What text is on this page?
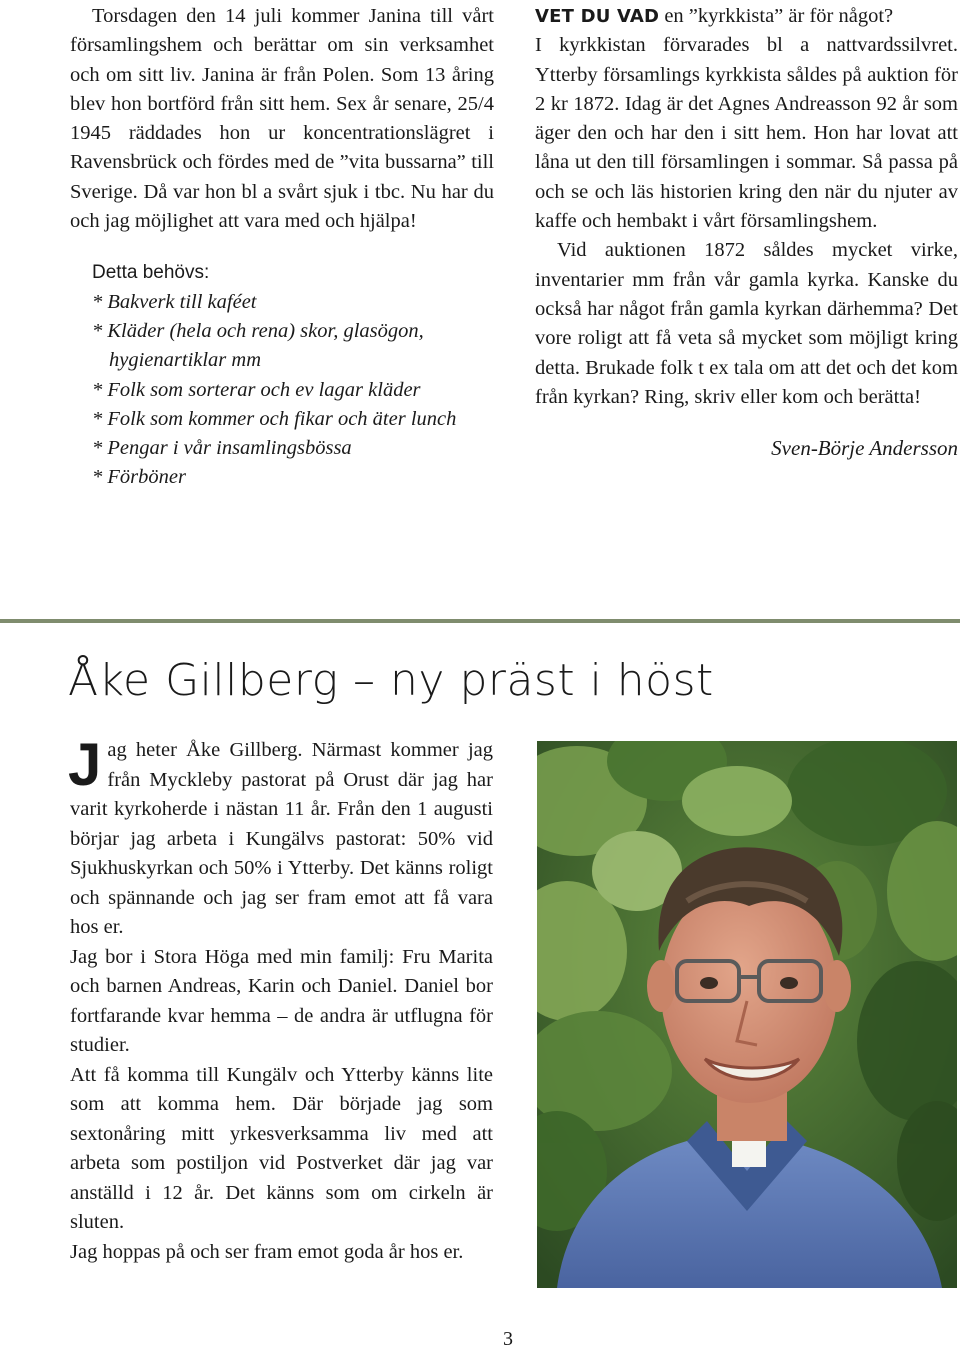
Torsdagen den 14 juli kommer Janina till vårt församlingshem och berättar om sin verksamhet och om sitt liv. Janina är från Polen. Som 13 åring blev hon bortförd från sitt hem. Sex år senare, 25/4 1945 räddades hon ur koncentrationslägret i Ravensbrück och fördes med de ”vita bussarna” till Sverige. Då var hon bl a svårt sjuk i tbc. Nu har du och jag möjlighet att vara med och hjälpa!

Detta behövs:
* Bakverk till kaféet
* Kläder (hela och rena) skor, glasögon, hygienartiklar mm
* Folk som sorterar och ev lagar kläder
* Folk som kommer och fikar och äter lunch
* Pengar i vår insamlingsbössa
* Förböner

VET DU VAD en ”kyrkkista” är för något?

I kyrkkistan förvarades bl a nattvardssilvret. Ytterby församlings kyrkkista såldes på auktion för 2 kr 1872. Idag är det Agnes Andreasson 92 år som äger den och har den i sitt hem. Hon har lovat att låna ut den till församlingen i sommar. Så passa på och se och läs historien kring den när du njuter av kaffe och hembakt i vårt församlingshem.

Vid auktionen 1872 såldes mycket virke, inventarier mm från vår gamla kyrka. Kanske du också har något från gamla kyrkan därhemma? Det vore roligt att få veta så mycket som möjligt kring detta. Brukade folk t ex tala om att det och det kom från kyrkan? Ring, skriv eller kom och berätta!

Sven-Börje Andersson

Åke Gillberg – ny präst i höst

Jag heter Åke Gillberg. Närmast kommer jag från Myckleby pastorat på Orust där jag har varit kyrkoherde i nästan 11 år. Från den 1 augusti börjar jag arbeta i Kungälvs pastorat: 50% vid Sjukhuskyrkan och 50% i Ytterby. Det känns roligt och spännande och jag ser fram emot att få vara hos er.

Jag bor i Stora Höga med min familj: Fru Marita och barnen Andreas, Karin och Daniel. Daniel bor fortfarande kvar hemma – de andra är utflugna för studier.

Att få komma till Kungälv och Ytterby känns lite som att komma hem. Där började jag som sextonåring mitt yrkesverksamma liv med att arbeta som postiljon vid Postverket där jag var anställd i 12 år. Det känns som om cirkeln är sluten.

Jag hoppas på och ser fram emot goda år hos er.

3
